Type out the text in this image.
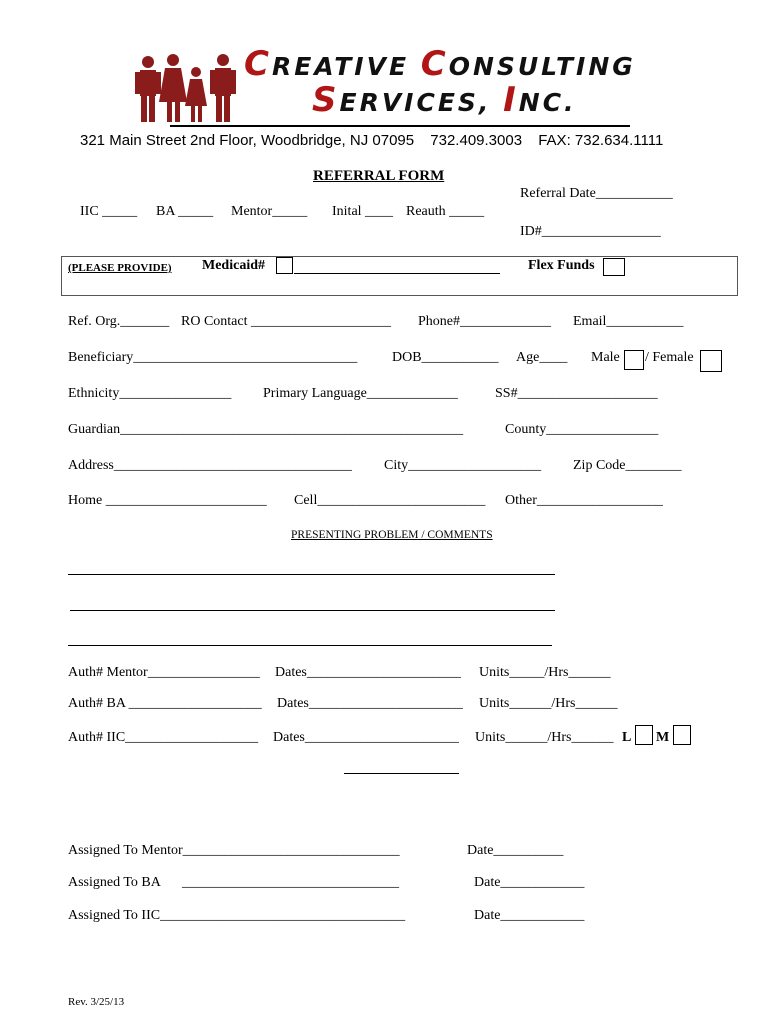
CREATIVE CONSULTING
SERVICES, INC.
321 Main Street 2nd Floor, Woodbridge, NJ 07095 732.409.3003 FAX: 732.634.1111
REFERRAL FORM
Referral Date___________
IIC _____ BA _____ Mentor_____ Inital ____ Reauth _____
ID#_________________
(PLEASE PROVIDE) Medicaid#	Flex Funds
Ref. Org._______ RO Contact ____________________ Phone#_____________ Email___________
Beneficiary________________________________ DOB___________ Age____ Male / Female
Ethnicity________________ Primary Language_____________	SS#____________________
Guardian_________________________________________________	County________________
Address__________________________________ City___________________ Zip Code________
Home _______________________ Cell________________________ Other__________________
PRESENTING PROBLEM / COMMENTS
Auth# Mentor________________ Dates______________________ Units_____/Hrs______
Auth# BA ___________________ Dates______________________ Units______/Hrs______
Auth# IIC___________________ Dates______________________ Units______/Hrs______ L M
Assigned To Mentor_______________________________	Date__________
Assigned To BA _______________________________	Date____________
Assigned To IIC___________________________________	Date____________
Rev. 3/25/13
